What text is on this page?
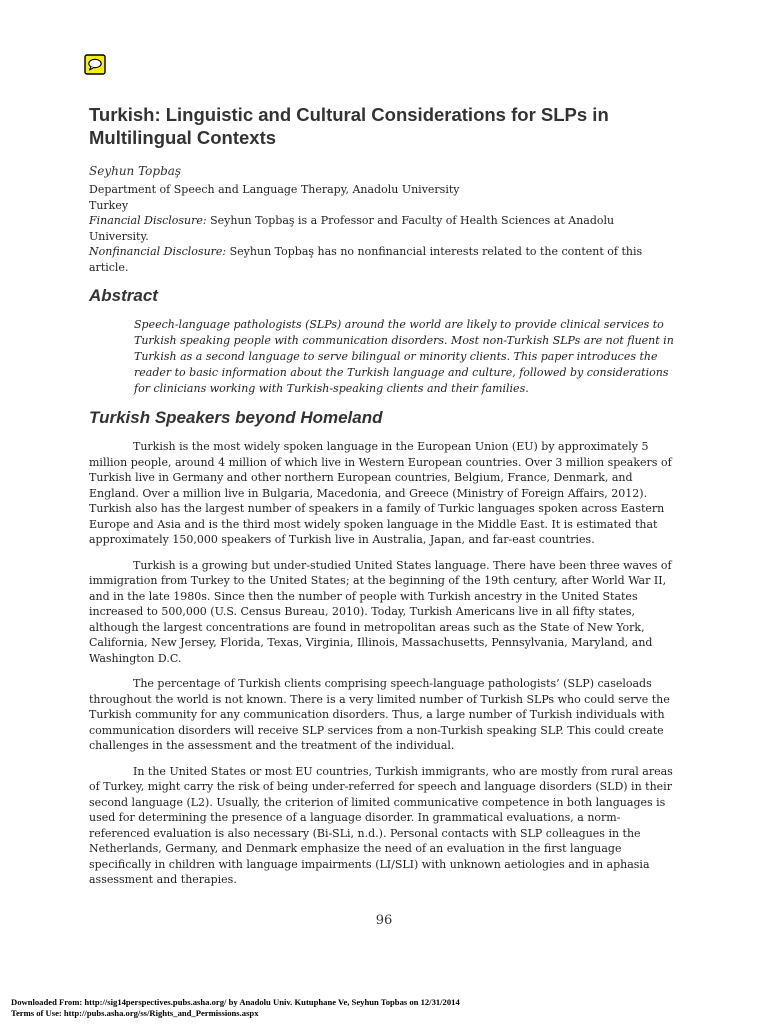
Turkish: Linguistic and Cultural Considerations for SLPs in Multilingual Contexts
Seyhun Topbaş
Department of Speech and Language Therapy, Anadolu University
Turkey
Financial Disclosure: Seyhun Topbaş is a Professor and Faculty of Health Sciences at Anadolu University.
Nonfinancial Disclosure: Seyhun Topbaş has no nonfinancial interests related to the content of this article.
Abstract
Speech-language pathologists (SLPs) around the world are likely to provide clinical services to Turkish speaking people with communication disorders. Most non-Turkish SLPs are not fluent in Turkish as a second language to serve bilingual or minority clients. This paper introduces the reader to basic information about the Turkish language and culture, followed by considerations for clinicians working with Turkish-speaking clients and their families.
Turkish Speakers beyond Homeland

Turkish is the most widely spoken language in the European Union (EU) by approximately 5 million people, around 4 million of which live in Western European countries. Over 3 million speakers of Turkish live in Germany and other northern European countries, Belgium, France, Denmark, and England. Over a million live in Bulgaria, Macedonia, and Greece (Ministry of Foreign Affairs, 2012). Turkish also has the largest number of speakers in a family of Turkic languages spoken across Eastern Europe and Asia and is the third most widely spoken language in the Middle East. It is estimated that approximately 150,000 speakers of Turkish live in Australia, Japan, and far-east countries.

Turkish is a growing but under-studied United States language. There have been three waves of immigration from Turkey to the United States; at the beginning of the 19th century, after World War II, and in the late 1980s. Since then the number of people with Turkish ancestry in the United States increased to 500,000 (U.S. Census Bureau, 2010). Today, Turkish Americans live in all fifty states, although the largest concentrations are found in metropolitan areas such as the State of New York, California, New Jersey, Florida, Texas, Virginia, Illinois, Massachusetts, Pennsylvania, Maryland, and Washington D.C.

The percentage of Turkish clients comprising speech-language pathologists’ (SLP) caseloads throughout the world is not known. There is a very limited number of Turkish SLPs who could serve the Turkish community for any communication disorders. Thus, a large number of Turkish individuals with communication disorders will receive SLP services from a non-Turkish speaking SLP. This could create challenges in the assessment and the treatment of the individual.

In the United States or most EU countries, Turkish immigrants, who are mostly from rural areas of Turkey, might carry the risk of being under-referred for speech and language disorders (SLD) in their second language (L2). Usually, the criterion of limited communicative competence in both languages is used for determining the presence of a language disorder. In grammatical evaluations, a norm-referenced evaluation is also necessary (Bi-SLi, n.d.). Personal contacts with SLP colleagues in the Netherlands, Germany, and Denmark emphasize the need of an evaluation in the first language specifically in children with language impairments (LI/SLI) with unknown aetiologies and in aphasia assessment and therapies.

96
Downloaded From: http://sig14perspectives.pubs.asha.org/ by Anadolu Univ. Kutuphane Ve, Seyhun Topbas on 12/31/2014
Terms of Use: http://pubs.asha.org/ss/Rights_and_Permissions.aspx
